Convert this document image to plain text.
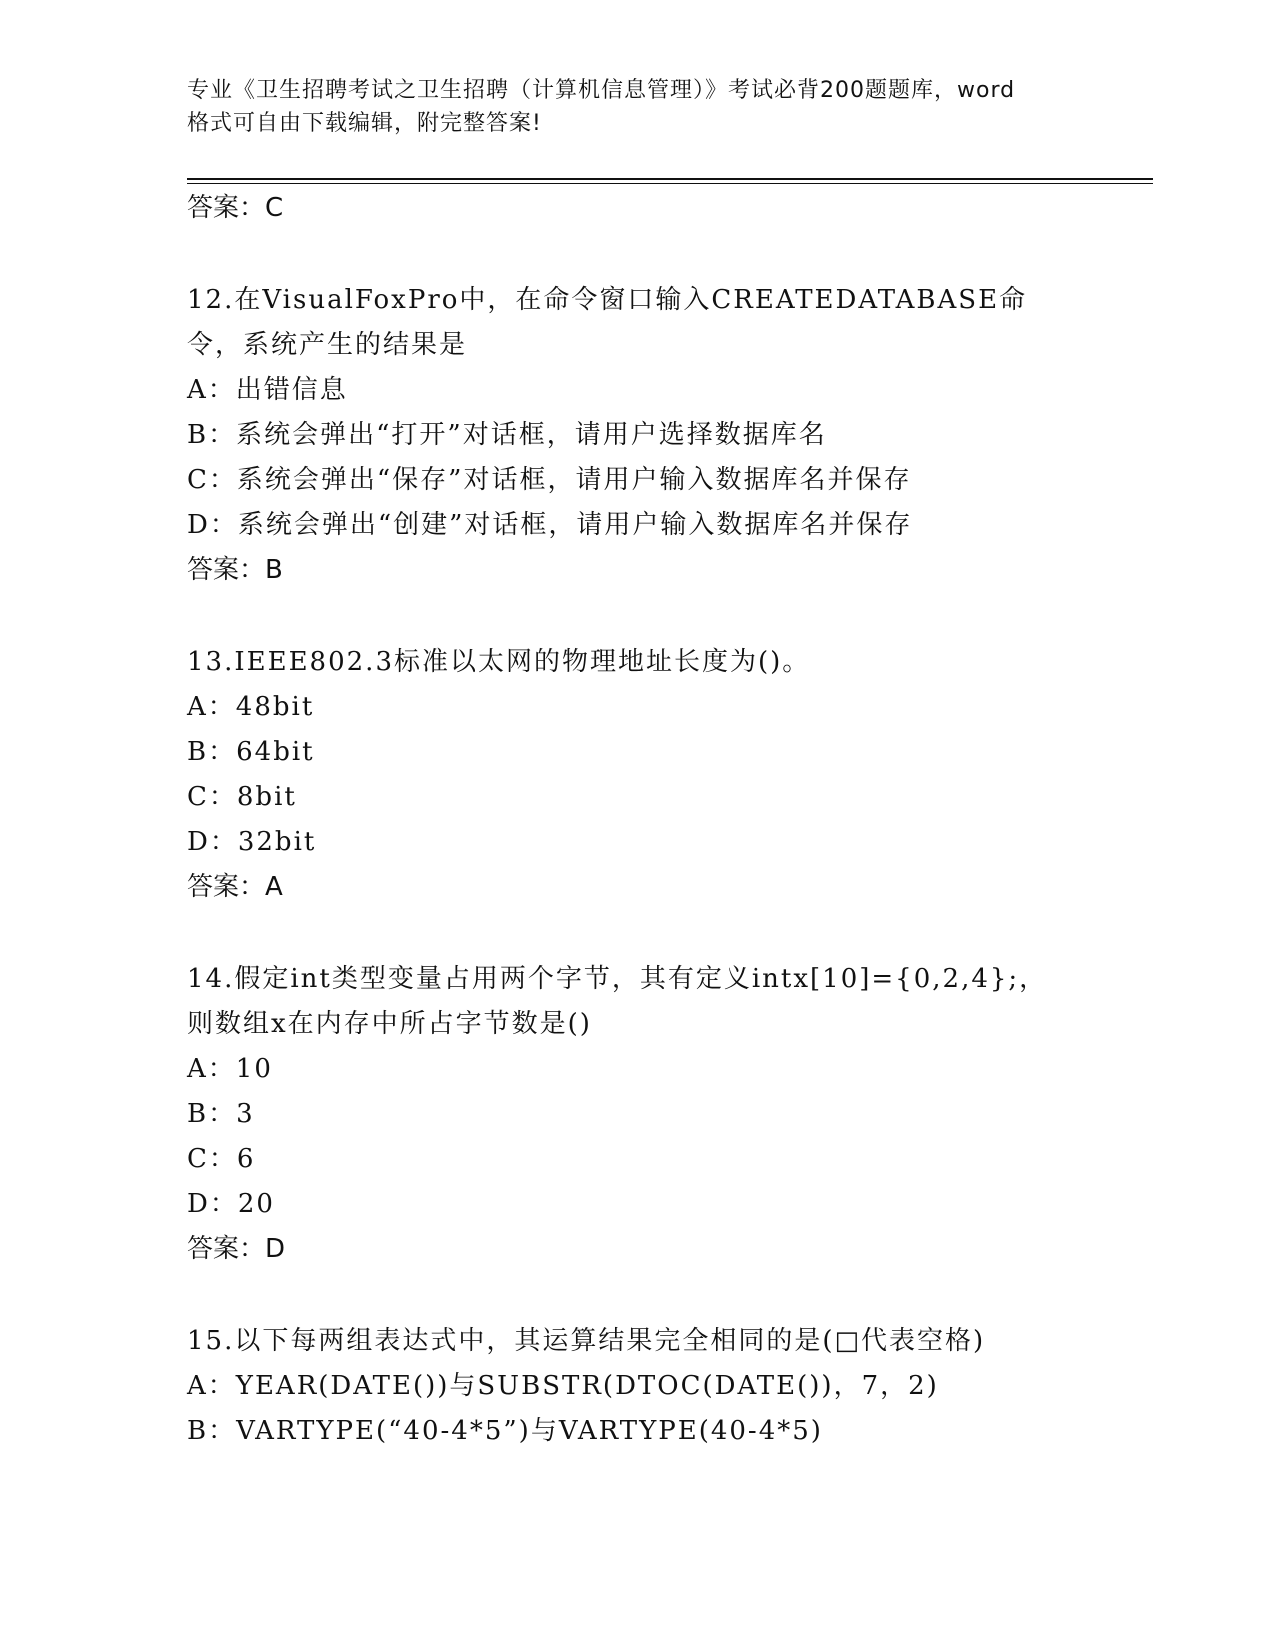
专业《卫生招聘考试之卫生招聘（计算机信息管理）》考试必背200题题库，word
格式可自由下载编辑，附完整答案!
答案：C
12.在VisualFoxPro中，在命令窗口输入CREATEDATABASE命令，系统产生的结果是
A：出错信息
B：系统会弹出“打开”对话框，请用户选择数据库名
C：系统会弹出“保存”对话框，请用户输入数据库名并保存
D：系统会弹出“创建”对话框，请用户输入数据库名并保存
答案：B
13.IEEE802.3标准以太网的物理地址长度为()。
A：48bit
B：64bit
C：8bit
D：32bit
答案：A
14.假定int类型变量占用两个字节，其有定义intx[10]={0,2,4};，则数组x在内存中所占字节数是()
A：10
B：3
C：6
D：20
答案：D
15.以下每两组表达式中，其运算结果完全相同的是(□代表空格)
A：YEAR(DATE())与SUBSTR(DTOC(DATE())，7，2)
B：VARTYPE(“40-4*5”)与VARTYPE(40-4*5)
